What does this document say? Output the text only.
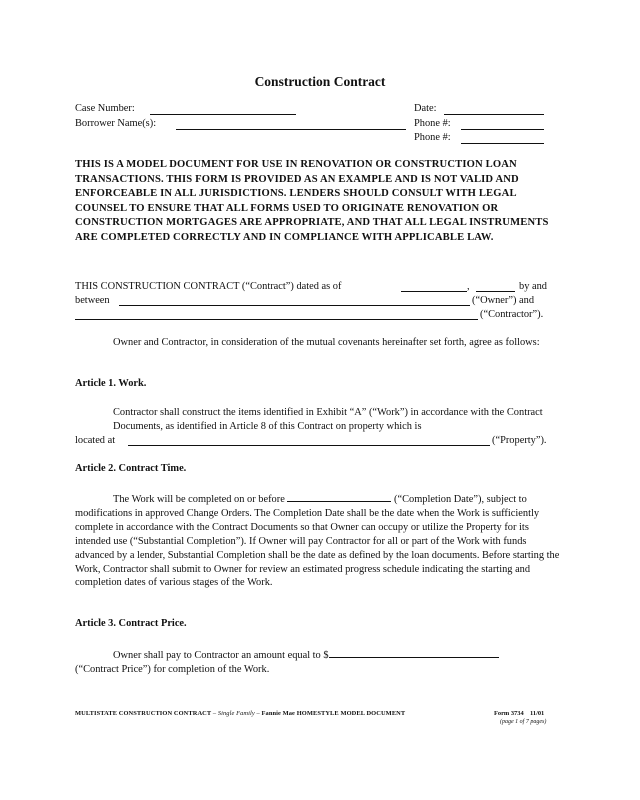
Construction Contract
Case Number:
Borrower Name(s):
Date:
Phone #:
Phone #:
THIS IS A MODEL DOCUMENT FOR USE IN RENOVATION OR CONSTRUCTION LOAN TRANSACTIONS. THIS FORM IS PROVIDED AS AN EXAMPLE AND IS NOT VALID AND ENFORCEABLE IN ALL JURISDICTIONS. LENDERS SHOULD CONSULT WITH LEGAL COUNSEL TO ENSURE THAT ALL FORMS USED TO ORIGINATE RENOVATION OR CONSTRUCTION MORTGAGES ARE APPROPRIATE, AND THAT ALL LEGAL INSTRUMENTS ARE COMPLETED CORRECTLY AND IN COMPLIANCE WITH APPLICABLE LAW.
THIS CONSTRUCTION CONTRACT (“Contract”) dated as of	,	by and
between	(“Owner”) and
(“Contractor”).
Owner and Contractor, in consideration of the mutual covenants hereinafter set forth, agree as follows:
Article 1. Work.
Contractor shall construct the items identified in Exhibit “A” (“Work”) in accordance with the Contract Documents, as identified in Article 8 of this Contract on property which is
located at	(“Property”).
Article 2. Contract Time.
The Work will be completed on or before	(“Completion Date”), subject to modifications in approved Change Orders. The Completion Date shall be the date when the Work is sufficiently complete in accordance with the Contract Documents so that Owner can occupy or utilize the Property for its intended use (“Substantial Completion”). If Owner will pay Contractor for all or part of the Work with funds advanced by a lender, Substantial Completion shall be the date as defined by the loan documents. Before starting the Work, Contractor shall submit to Owner for review an estimated progress schedule indicating the starting and completion dates of various stages of the Work.
Article 3. Contract Price.
Owner shall pay to Contractor an amount equal to $
(“Contract Price”) for completion of the Work.
MULTISTATE CONSTRUCTION CONTRACT – Single Family – Fannie Mae HOMESTYLE MODEL DOCUMENT	Form 3734 11/01
(page 1 of 7 pages)
